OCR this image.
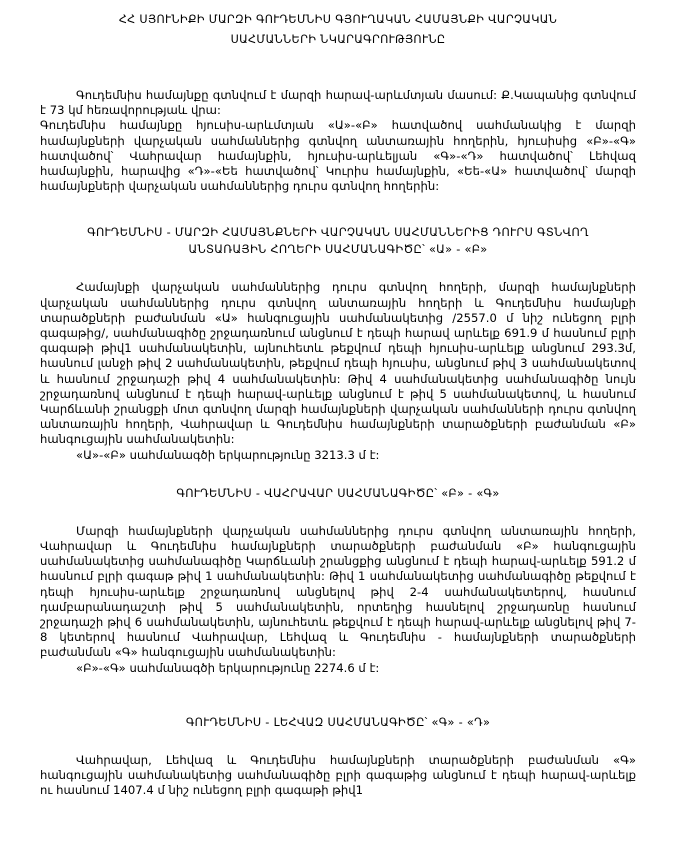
ՀՀ ՍՅՈՒՆԻՔԻ ՄԱՐԶԻ ԳՈՒԴԵՄՆԻՍ ԳՅՈՒՂԱԿԱՆ ՀԱՄԱՅՆՔԻ ՎԱՐՉԱԿԱՆ
ՍԱՀՄԱՆՆԵՐԻ ՆԿԱՐԱԳՐՈՒԹՅՈՒՆԸ

Գուդեմնիս համայնքը գտնվում է մարզի հարավ-արևմտյան մասում: Ք.Կապանից գտնվում է 73 կմ հեռավորությաև վրա:

Գուդեմնիս համայնքը հյուսիս-արևմտյան «Ա»-«Բ» հատվածով սահմանակից է մարզի համայնքների վարչական սահմաններից գտնվող անտառային հողերին, հյուսիսից «Բ»-«Գ» հատվածով՝ Վահրավար համայնքին, հյուսիս-արևելյան «Գ»-«Դ» հատվածով՝ Լեհվազ համայնքին, հարավից «Դ»-«Եե հատվածով՝ Կուրիս համայնքին, «Եե-«Ա» հատվածով՝ մարզի համայնքների վարչական սահմաններից դուրս գտնվող հողերին:

ԳՈՒԴԵՄՆԻՍ - ՄԱՐԶԻ ՀԱՄԱՅՆՔՆԵՐԻ ՎԱՐՉԱԿԱՆ ՍԱՀՄԱՆՆԵՐԻՑ ԴՈՒՐՍ ԳՏՆՎՈՂ
ԱՆՏԱՌԱՅԻՆ ՀՈՂԵՐԻ ՍԱՀՄԱՆԱԳԻԾԸ՝ «Ա» - «Բ»

Համայնքի վարչական սահմաններից դուրս գտնվող հողերի, մարզի համայնքների վարչական սահմաններից դուրս գտնվող անտառային հողերի և Գուդեմնիս համայնքի տարածքների բաժանման «Ա» հանգուցային սահմանակետից /2557.0 մ նիշ ունեցող բլրի գագաթից/, սահմանագիծը շրջադառնում անցնում է դեպի հարավ արևելք 691.9 մ հասնում բլրի գագաթի թիվ1 սահմանակետին, այնուհետև թեքվում դեպի հյուսիս-արևելք անցնում 293.3մ, հասնում լանջի թիվ 2 սահմանակետին, թեքվում դեպի հյուսիս, անցնում թիվ 3 սահմանակետով և հասնում շրջադաշի թիվ 4 սահմանակետին: Թիվ 4 սահմանակետից սահմանագիծը նույն շրջադառնով անցնում է դեպի հարավ-արևելք անցնում է թիվ 5 սահմանակետով, և հասնում Կարճևանի շրանցքի մոտ գտնվող մարզի համայնքների վարչական սահմանների դուրս գտնվող անտառային հողերի, Վահրավար և Գուդեմնիս համայնքների տարածքների բաժանման «Բ» հանգուցային սահմանակետին:

«Ա»-«Բ» սահմանագծի երկարությունը 3213.3 մ է:

ԳՈՒԴԵՄՆԻՍ - ՎԱՀՐԱՎԱՐ ՍԱՀՄԱՆԱԳԻԾԸ՝ «Բ» - «Գ»

Մարզի համայնքների վարչական սահմաններից դուրս գտնվող անտառային հողերի, Վահրավար և Գուդեմնիս համայնքների տարածքների բաժանման «Բ» հանգուցային սահմանակետից սահմանագիծը Կարճևանի շրանցքից անցնում է դեպի հարավ-արևելք 591.2 մ հասնում բլրի գագաթ թիվ 1 սահմանակետին: Թիվ 1 սահմանակետից սահմանագիծը թեքվում է դեպի հյուսիս-արևելք շրջադառնով անցնելով թիվ 2-4 սահմանակետերով, հասնում դամբարանադաշտի թիվ 5 սահմանակետին, որտեղից հասնելով շրջադառնը հասնում շրջադաշի թիվ 6 սահմանակետին, այնուհետև թեքվում է դեպի հարավ-արևելք անցնելով թիվ 7-8 կետերով հասնում Վահրավար, Լեհվազ և Գուդեմնիս - համայնքների տարածքների բաժանման «Գ» հանգուցային սահմանակետին:

«Բ»-«Գ» սահմանագծի երկարությունը 2274.6 մ է:

ԳՈՒԴԵՄՆԻՍ - ԼԵՀՎԱԶ ՍԱՀՄԱՆԱԳԻԾԸ՝ «Գ» - «Դ»

Վահրավար, Լեհվազ և Գուդեմնիս համայնքների տարածքների բաժանման «Գ» հանգուցային սահմանակետից սահմանագիծը բլրի գագաթից անցնում է դեպի հարավ-արևելք ու հասնում 1407.4 մ նիշ ունեցող բլրի գագաթի թիվ1
